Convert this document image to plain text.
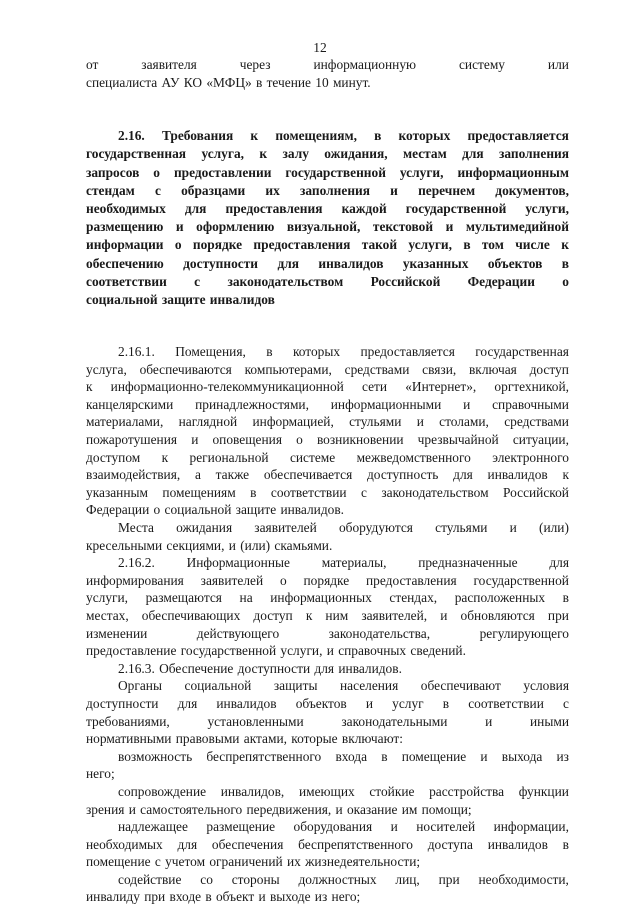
12
от	заявителя	через	информационную	систему	или
специалиста АУ КО «МФЦ» в течение 10 минут.
2.16. Требования к помещениям, в которых предоставляется
государственная услуга, к залу ожидания, местам для заполнения
запросов о предоставлении государственной услуги, информационным
стендам с образцами их заполнения и перечнем документов,
необходимых для предоставления каждой государственной услуги,
размещению и оформлению визуальной, текстовой и мультимедийной
информации о порядке предоставления такой услуги, в том числе к
обеспечению доступности для инвалидов указанных объектов в
соответствии с законодательством Российской Федерации о
социальной защите инвалидов
2.16.1. Помещения, в которых предоставляется государственная
услуга, обеспечиваются компьютерами, средствами связи, включая доступ
к информационно-телекоммуникационной сети «Интернет», оргтехникой,
канцелярскими принадлежностями, информационными и справочными
материалами, наглядной информацией, стульями и столами, средствами
пожаротушения и оповещения о возникновении чрезвычайной ситуации,
доступом к региональной системе межведомственного электронного
взаимодействия, а также обеспечивается доступность для инвалидов к
указанным помещениям в соответствии с законодательством Российской
Федерации о социальной защите инвалидов.
Места ожидания заявителей оборудуются стульями и (или)
кресельными секциями, и (или) скамьями.
2.16.2. Информационные материалы, предназначенные для
информирования заявителей о порядке предоставления государственной
услуги, размещаются на информационных стендах, расположенных в
местах, обеспечивающих доступ к ним заявителей, и обновляются при
изменении	действующего	законодательства,	регулирующего
предоставление государственной услуги, и справочных сведений.
2.16.3. Обеспечение доступности для инвалидов.
Органы социальной защиты населения обеспечивают условия
доступности для инвалидов объектов и услуг в соответствии с
требованиями,	установленными	законодательными	и	иными
нормативными правовыми актами, которые включают:
возможность беспрепятственного входа в помещение и выхода из
него;
сопровождение инвалидов, имеющих стойкие расстройства функции
зрения и самостоятельного передвижения, и оказание им помощи;
надлежащее размещение оборудования и носителей информации,
необходимых для обеспечения беспрепятственного доступа инвалидов в
помещение с учетом ограничений их жизнедеятельности;
содействие со стороны должностных лиц, при необходимости,
инвалиду при входе в объект и выходе из него;
